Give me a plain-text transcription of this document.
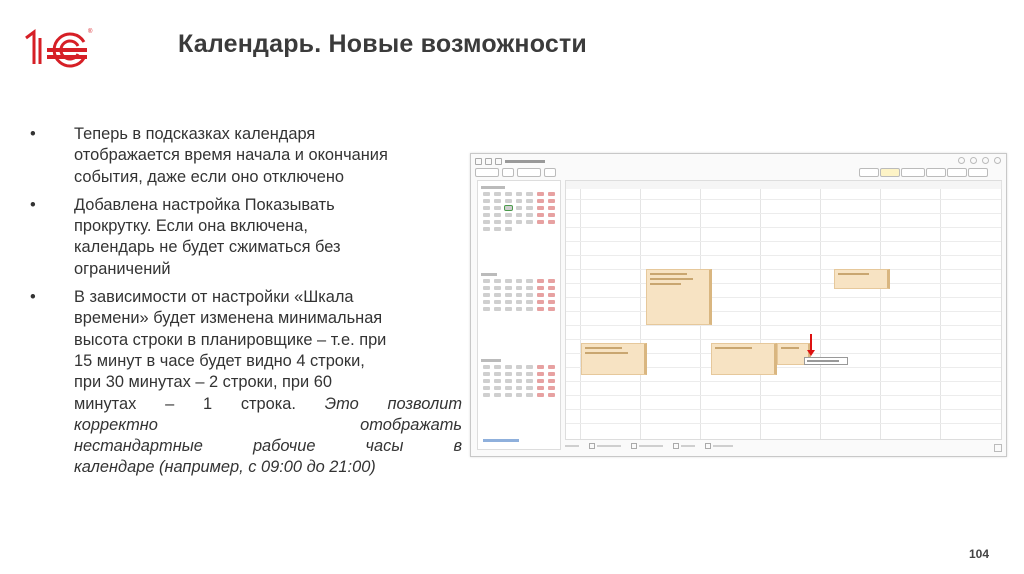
®	Календарь. Новые возможности
• Теперь в подсказках календаря

отображается время начала и окончания

события, даже если оно отключено

• Добавлена настройка Показывать

прокрутку. Если она включена,

календарь не будет сжиматься без

ограничений

• В зависимости от настройки «Шкала

времени» будет изменена минимальная

высота строки в планировщике – т.е. при

15 минут в часе будет видно 4 строки,

при 30 минутах – 2 строки, при 60

минутах – 1 строка. Это позволит

корректно отображать

нестандартные рабочие часы в

календаре (например, с 09:00 до 21:00)

104
